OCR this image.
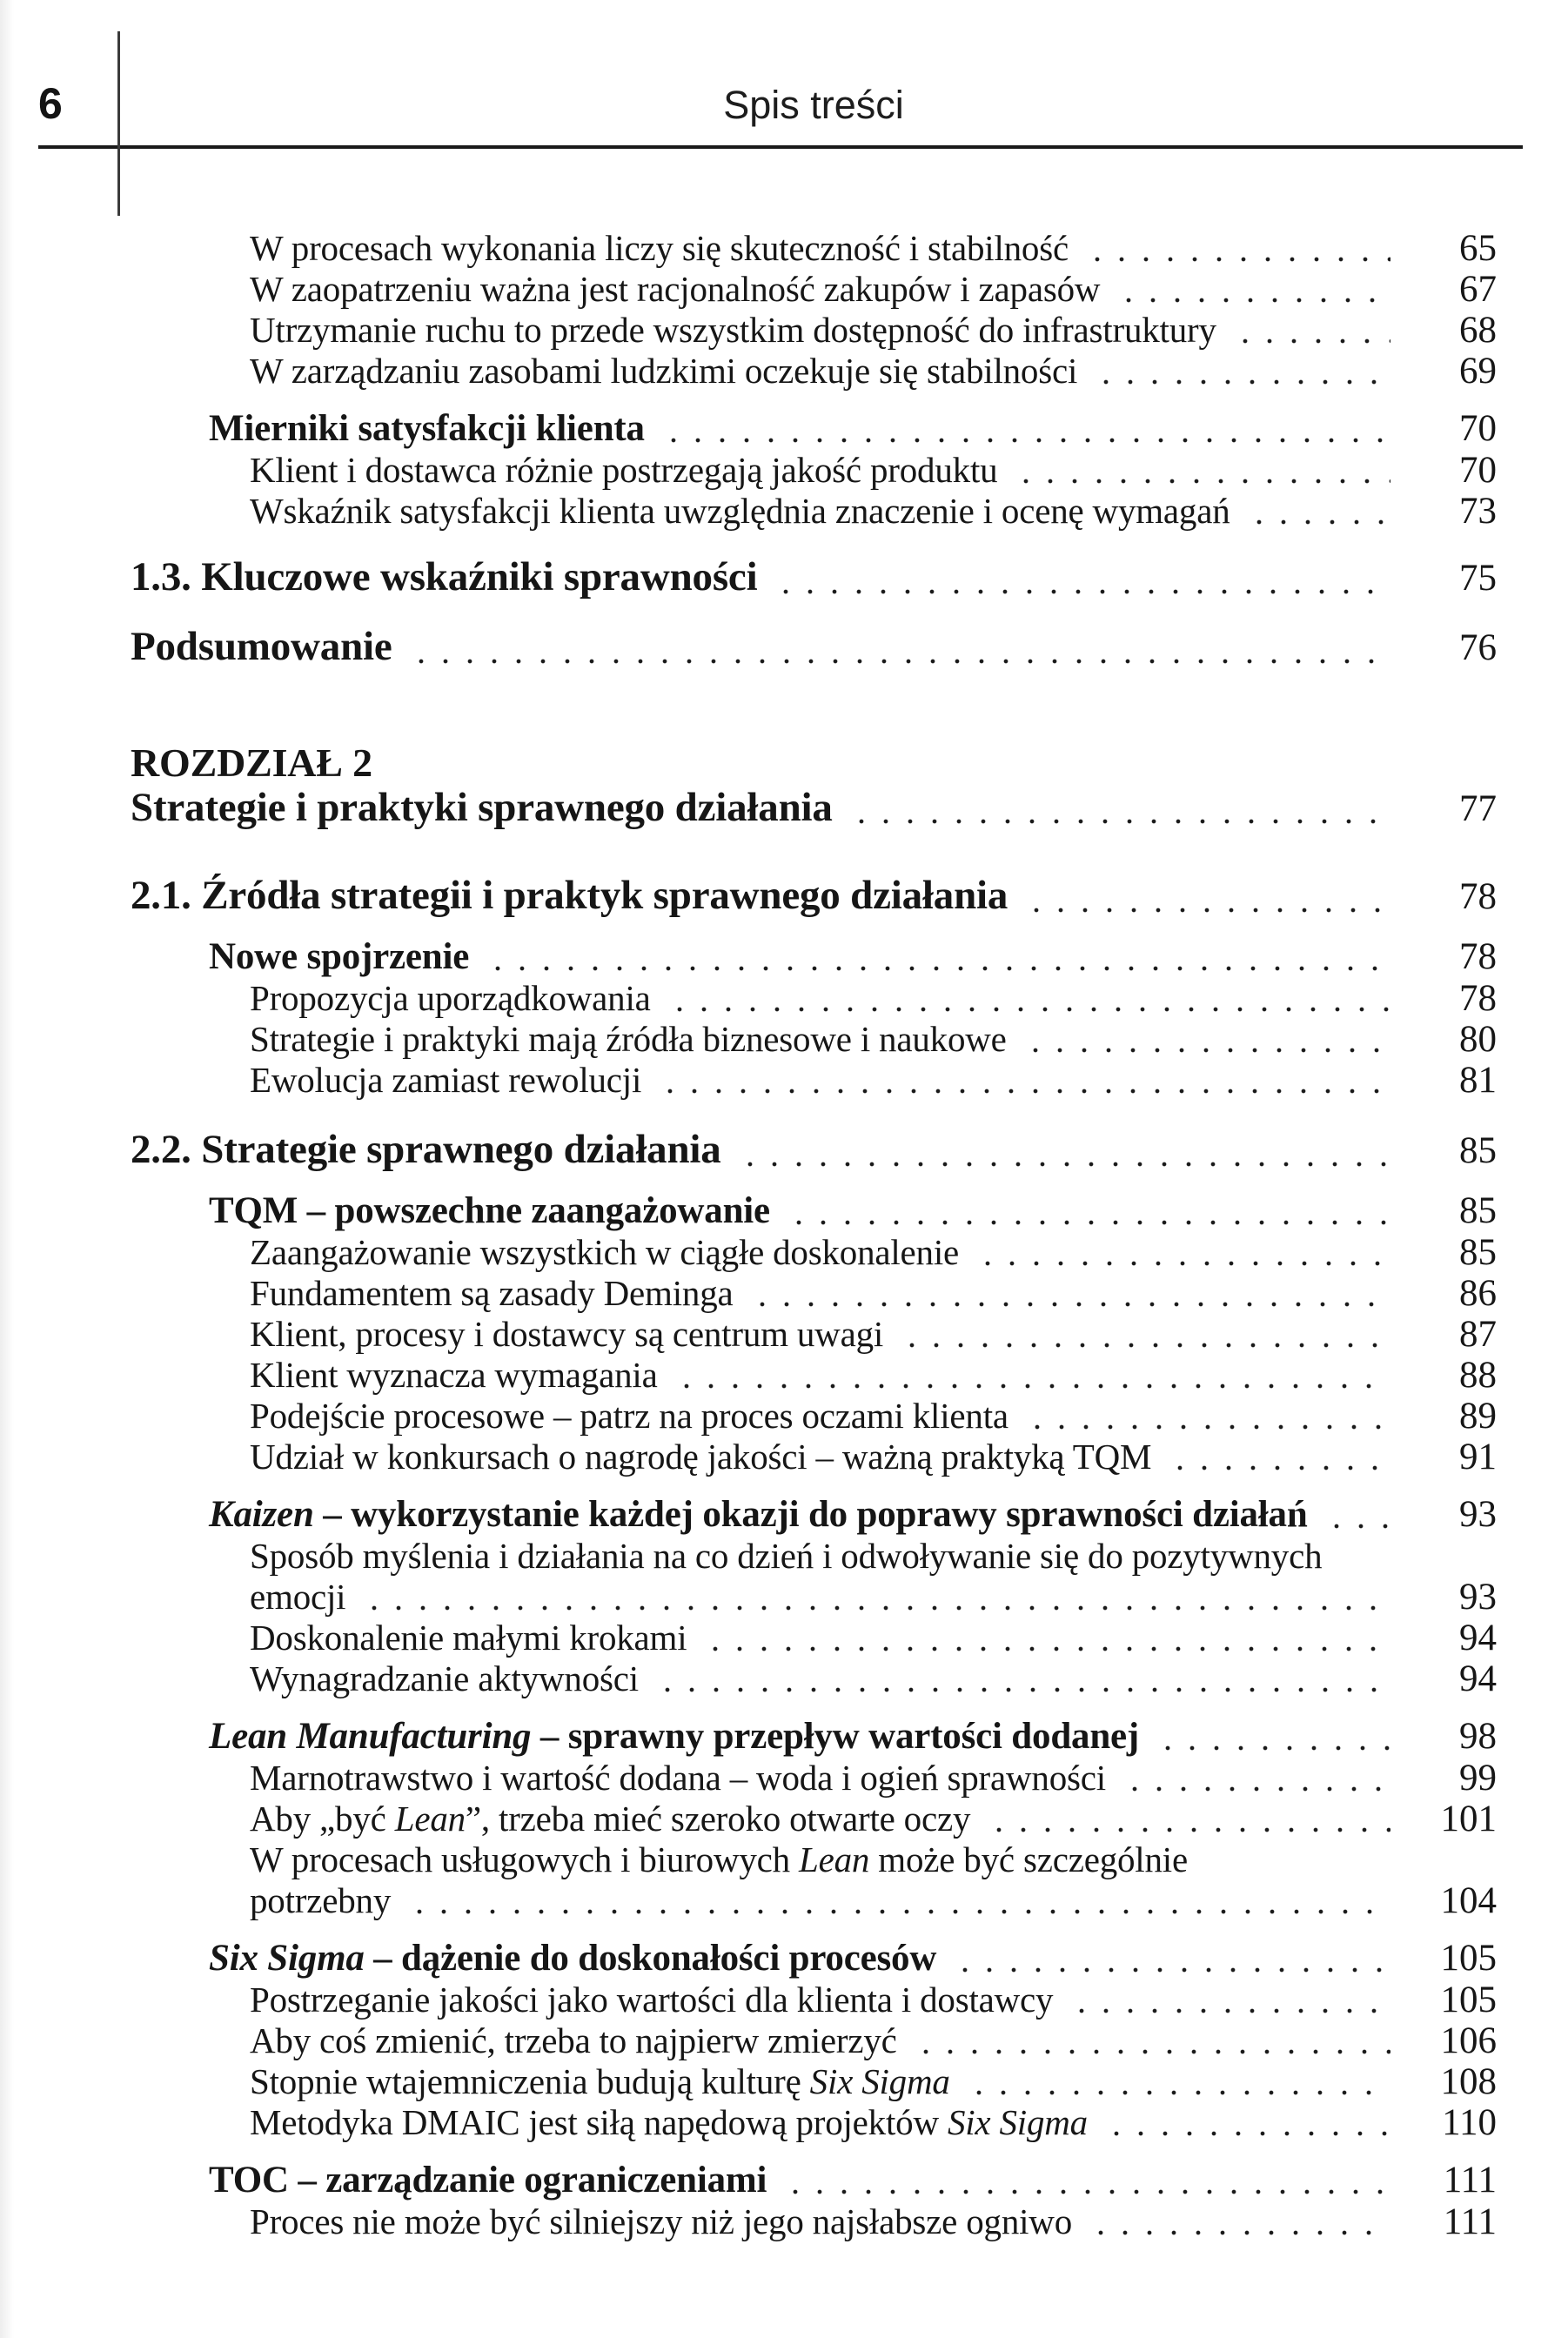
6	Spis treści
W procesach wykonania liczy się skuteczność i stabilność	65
W zaopatrzeniu ważna jest racjonalność zakupów i zapasów	67
Utrzymanie ruchu to przede wszystkim dostępność do infrastruktury	68
W zarządzaniu zasobami ludzkimi oczekuje się stabilności	69
Mierniki satysfakcji klienta	70
Klient i dostawca różnie postrzegają jakość produktu	70
Wskaźnik satysfakcji klienta uwzględnia znaczenie i ocenę wymagań	73
1.3. Kluczowe wskaźniki sprawności	75
Podsumowanie	76
ROZDZIAŁ 2
Strategie i praktyki sprawnego działania	77
2.1. Źródła strategii i praktyk sprawnego działania	78
Nowe spojrzenie	78
Propozycja uporządkowania	78
Strategie i praktyki mają źródła biznesowe i naukowe	80
Ewolucja zamiast rewolucji	81
2.2. Strategie sprawnego działania	85
TQM – powszechne zaangażowanie	85
Zaangażowanie wszystkich w ciągłe doskonalenie	85
Fundamentem są zasady Deminga	86
Klient, procesy i dostawcy są centrum uwagi	87
Klient wyznacza wymagania	88
Podejście procesowe – patrz na proces oczami klienta	89
Udział w konkursach o nagrodę jakości – ważną praktyką TQM	91
Kaizen – wykorzystanie każdej okazji do poprawy sprawności działań	93
Sposób myślenia i działania na co dzień i odwoływanie się do pozytywnych
emocji	93
Doskonalenie małymi krokami	94
Wynagradzanie aktywności	94
Lean Manufacturing – sprawny przepływ wartości dodanej	98
Marnotrawstwo i wartość dodana – woda i ogień sprawności	99
Aby „być Lean”, trzeba mieć szeroko otwarte oczy	101
W procesach usługowych i biurowych Lean może być szczególnie
potrzebny	104
Six Sigma – dążenie do doskonałości procesów	105
Postrzeganie jakości jako wartości dla klienta i dostawcy	105
Aby coś zmienić, trzeba to najpierw zmierzyć	106
Stopnie wtajemniczenia budują kulturę Six Sigma	108
Metodyka DMAIC jest siłą napędową projektów Six Sigma	110
TOC – zarządzanie ograniczeniami	111
Proces nie może być silniejszy niż jego najsłabsze ogniwo	111
